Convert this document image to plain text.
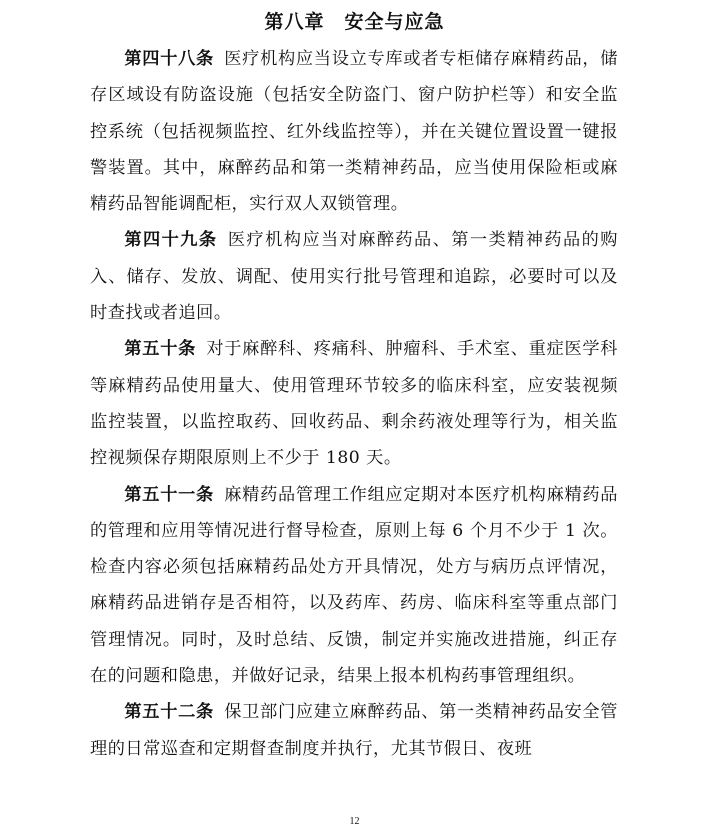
第八章　安全与应急

第四十八条 医疗机构应当设立专库或者专柜储存麻精药品，储存区域设有防盗设施（包括安全防盗门、窗户防护栏等）和安全监控系统（包括视频监控、红外线监控等），并在关键位置设置一键报警装置。其中，麻醉药品和第一类精神药品，应当使用保险柜或麻精药品智能调配柜，实行双人双锁管理。

第四十九条 医疗机构应当对麻醉药品、第一类精神药品的购入、储存、发放、调配、使用实行批号管理和追踪，必要时可以及时查找或者追回。

第五十条 对于麻醉科、疼痛科、肿瘤科、手术室、重症医学科等麻精药品使用量大、使用管理环节较多的临床科室，应安装视频监控装置，以监控取药、回收药品、剩余药液处理等行为，相关监控视频保存期限原则上不少于 180 天。

第五十一条 麻精药品管理工作组应定期对本医疗机构麻精药品的管理和应用等情况进行督导检查，原则上每 6 个月不少于 1 次。检查内容必须包括麻精药品处方开具情况，处方与病历点评情况，麻精药品进销存是否相符，以及药库、药房、临床科室等重点部门管理情况。同时，及时总结、反馈，制定并实施改进措施，纠正存在的问题和隐患，并做好记录，结果上报本机构药事管理组织。

第五十二条 保卫部门应建立麻醉药品、第一类精神药品安全管理的日常巡查和定期督查制度并执行，尤其节假日、夜班

12
